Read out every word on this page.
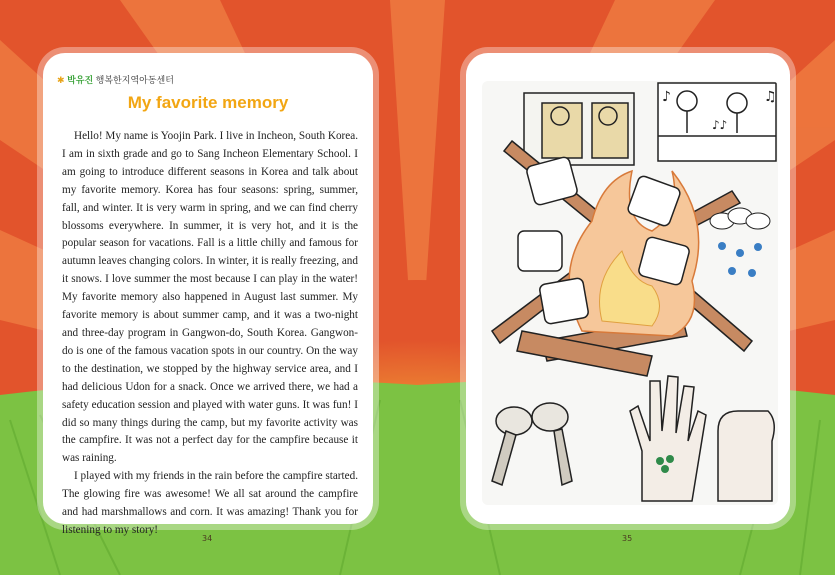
✱ 박유진 행복한지역아동센터
My favorite memory

Hello! My name is Yoojin Park. I live in Incheon, South Korea. I am in sixth grade and go to Sang Incheon Elementary School. I am going to introduce different seasons in Korea and talk about my favorite memory. Korea has four seasons: spring, summer, fall, and winter. It is very warm in spring, and we can find cherry blossoms everywhere. In summer, it is very hot, and it is the popular season for vacations. Fall is a little chilly and famous for autumn leaves changing colors. In winter, it is really freezing, and it snows. I love summer the most because I can play in the water! My favorite memory also happened in August last summer. My favorite memory is about summer camp, and it was a two-night and three-day program in Gangwon-do, South Korea. Gangwon-do is one of the famous vacation spots in our country. On the way to the destination, we stopped by the highway service area, and I had delicious Udon for a snack. Once we arrived there, we had a safety education session and played with water guns. It was fun! I did so many things during the camp, but my favorite activity was the campfire. It was not a perfect day for the campfire because it was raining.

I played with my friends in the rain before the campfire started. The glowing fire was awesome! We all sat around the campfire and had marshmallows and corn. It was amazing! Thank you for listening to my story!

♪	♫
♪♪
34	35
